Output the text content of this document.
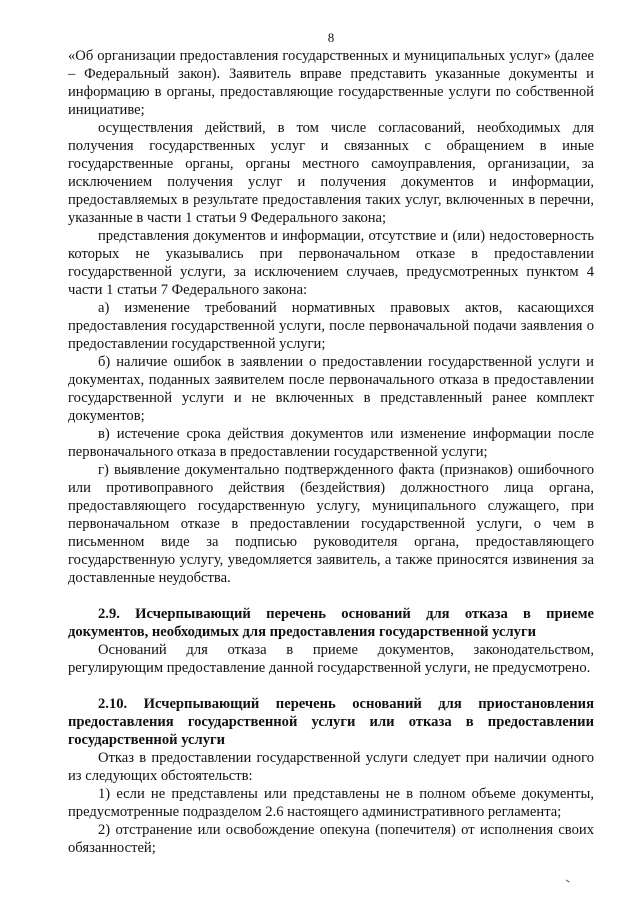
8

«Об организации предоставления государственных и муниципальных услуг» (далее – Федеральный закон). Заявитель вправе представить указанные документы и информацию в органы, предоставляющие государственные услуги по собственной инициативе;

осуществления действий, в том числе согласований, необходимых для получения государственных услуг и связанных с обращением в иные государственные органы, органы местного самоуправления, организации, за исключением получения услуг и получения документов и информации, предоставляемых в результате предоставления таких услуг, включенных в перечни, указанные в части 1 статьи 9 Федерального закона;

представления документов и информации, отсутствие и (или) недостоверность которых не указывались при первоначальном отказе в предоставлении государственной услуги, за исключением случаев, предусмотренных пунктом 4 части 1 статьи 7 Федерального закона:

а) изменение требований нормативных правовых актов, касающихся предоставления государственной услуги, после первоначальной подачи заявления о предоставлении государственной услуги;

б) наличие ошибок в заявлении о предоставлении государственной услуги и документах, поданных заявителем после первоначального отказа в предоставлении государственной услуги и не включенных в представленный ранее комплект документов;

в) истечение срока действия документов или изменение информации после первоначального отказа в предоставлении государственной услуги;

г) выявление документально подтвержденного факта (признаков) ошибочного или противоправного действия (бездействия) должностного лица органа, предоставляющего государственную услугу, муниципального служащего, при первоначальном отказе в предоставлении государственной услуги, о чем в письменном виде за подписью руководителя органа, предоставляющего государственную услугу, уведомляется заявитель, а также приносятся извинения за доставленные неудобства.

2.9. Исчерпывающий перечень оснований для отказа в приеме документов, необходимых для предоставления государственной услуги

Оснований для отказа в приеме документов, законодательством, регулирующим предоставление данной государственной услуги, не предусмотрено.

2.10. Исчерпывающий перечень оснований для приостановления предоставления государственной услуги или отказа в предоставлении государственной услуги

Отказ в предоставлении государственной услуги следует при наличии одного из следующих обстоятельств:

1) если не представлены или представлены не в полном объеме документы, предусмотренные подразделом 2.6 настоящего административного регламента;

2) отстранение или освобождение опекуна (попечителя) от исполнения своих обязанностей;
